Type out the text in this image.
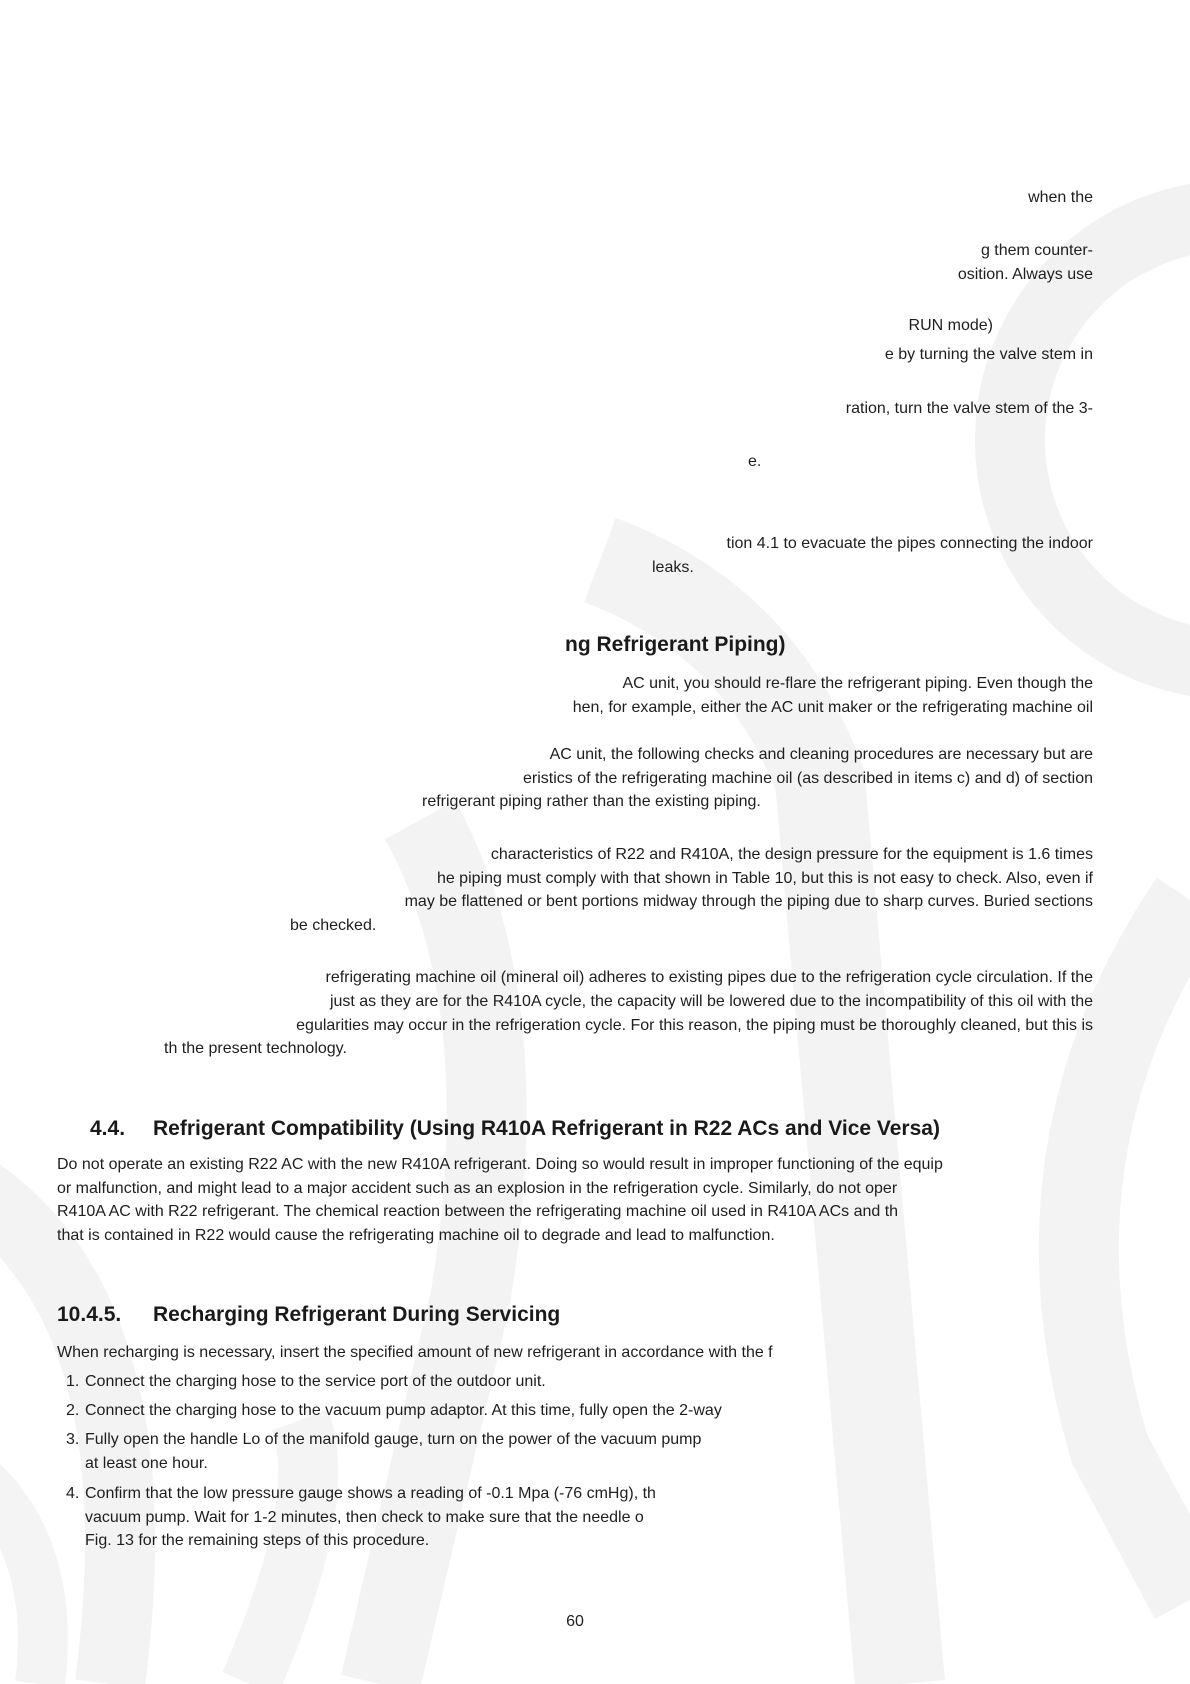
when the
g them counter-
osition. Always use
RUN mode)
e by turning the valve stem in
ration, turn the valve stem of the 3-
e.
tion 4.1 to evacuate the pipes connecting the indoor
leaks.
ng Refrigerant Piping)
AC unit, you should re-flare the refrigerant piping. Even though the
hen, for example, either the AC unit maker or the refrigerating machine oil
AC unit, the following checks and cleaning procedures are necessary but are
eristics of the refrigerating machine oil (as described in items c) and d) of section
refrigerant piping rather than the existing piping.
characteristics of R22 and R410A, the design pressure for the equipment is 1.6 times
he piping must comply with that shown in Table 10, but this is not easy to check. Also, even if
may be flattened or bent portions midway through the piping due to sharp curves. Buried sections
be checked.
refrigerating machine oil (mineral oil) adheres to existing pipes due to the refrigeration cycle circulation. If the
just as they are for the R410A cycle, the capacity will be lowered due to the incompatibility of this oil with the
egularities may occur in the refrigeration cycle. For this reason, the piping must be thoroughly cleaned, but this is
th the present technology.
4.4. Refrigerant Compatibility (Using R410A Refrigerant in R22 ACs and Vice Versa)
Do not operate an existing R22 AC with the new R410A refrigerant. Doing so would result in improper functioning of the equip
or malfunction, and might lead to a major accident such as an explosion in the refrigeration cycle. Similarly, do not oper
R410A AC with R22 refrigerant. The chemical reaction between the refrigerating machine oil used in R410A ACs and th
that is contained in R22 would cause the refrigerating machine oil to degrade and lead to malfunction.
10.4.5. Recharging Refrigerant During Servicing
When recharging is necessary, insert the specified amount of new refrigerant in accordance with the f
1. Connect the charging hose to the service port of the outdoor unit.
2. Connect the charging hose to the vacuum pump adaptor. At this time, fully open the 2-way
3. Fully open the handle Lo of the manifold gauge, turn on the power of the vacuum pump
at least one hour.
4. Confirm that the low pressure gauge shows a reading of -0.1 Mpa (-76 cmHg), th
vacuum pump. Wait for 1-2 minutes, then check to make sure that the needle o
Fig. 13 for the remaining steps of this procedure.
60
